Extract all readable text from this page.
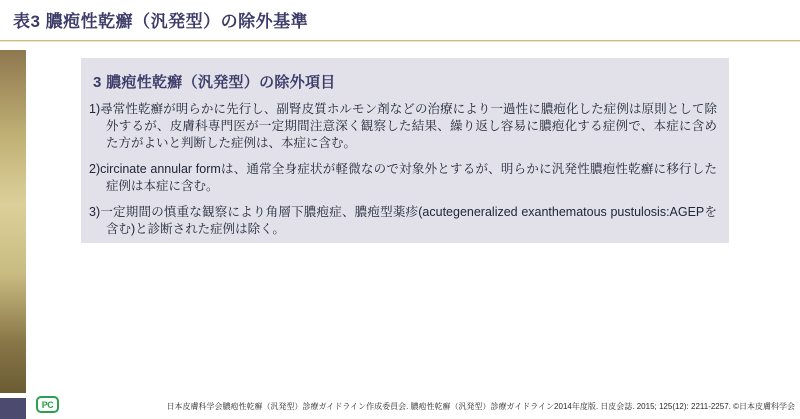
表3 膿疱性乾癬（汎発型）の除外基準
3 膿疱性乾癬（汎発型）の除外項目
1)尋常性乾癬が明らかに先行し、副腎皮質ホルモン剤などの治療により一過性に膿疱化した症例は原則として除外するが、皮膚科専門医が一定期間注意深く観察した結果、繰り返し容易に膿疱化する症例で、本症に含めた方がよいと判断した症例は、本症に含む。
2)circinate annular formは、通常全身症状が軽微なので対象外とするが、明らかに汎発性膿疱性乾癬に移行した症例は本症に含む。
3)一定期間の慎重な観察により角層下膿疱症、膿疱型薬疹(acutegeneralized exanthematous pustulosis:AGEPを含む)と診断された症例は除く。
PC	日本皮膚科学会膿疱性乾癬（汎発型）診療ガイドライン作成委員会. 膿疱性乾癬（汎発型）診療ガイドライン2014年度版. 日皮会誌. 2015; 125(12): 2211-2257. ©日本皮膚科学会
